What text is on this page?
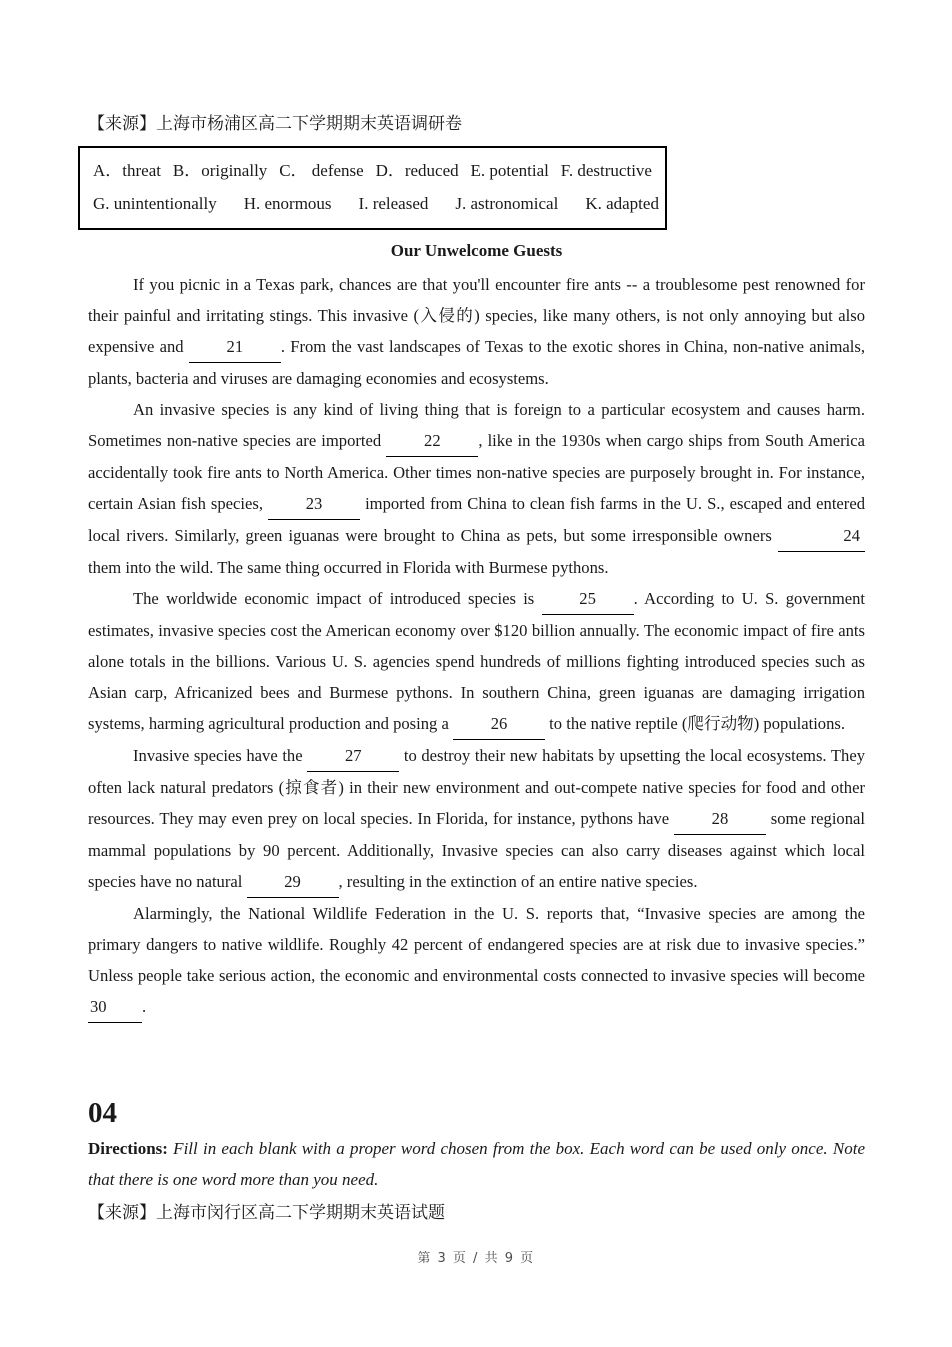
【来源】上海市杨浦区高二下学期期末英语调研卷
A．threat B．originally C． defense D．reduced E. potential F. destructive
G. unintentionally H. enormous I. released J. astronomical K. adapted
Our Unwelcome Guests

If you picnic in a Texas park, chances are that you'll encounter fire ants -- a troublesome pest renowned for their painful and irritating stings. This invasive (入侵的) species, like many others, is not only annoying but also expensive and 21 . From the vast landscapes of Texas to the exotic shores in China, non-native animals, plants, bacteria and viruses are damaging economies and ecosystems.

An invasive species is any kind of living thing that is foreign to a particular ecosystem and causes harm. Sometimes non-native species are imported 22 , like in the 1930s when cargo ships from South America accidentally took fire ants to North America. Other times non-native species are purposely brought in. For instance, certain Asian fish species, 23 imported from China to clean fish farms in the U. S., escaped and entered local rivers. Similarly, green iguanas were brought to China as pets, but some irresponsible owners	24 them into the wild. The same thing occurred in Florida with Burmese pythons.

The worldwide economic impact of introduced species is 25 . According to U. S. government estimates, invasive species cost the American economy over $120 billion annually. The economic impact of fire ants alone totals in the billions. Various U. S. agencies spend hundreds of millions fighting introduced species such as Asian carp, Africanized bees and Burmese pythons. In southern China, green iguanas are damaging irrigation systems, harming agricultural production and posing a 26 to the native reptile (爬行动物) populations.

Invasive species have the 27 to destroy their new habitats by upsetting the local ecosystems. They often lack natural predators (掠食者) in their new environment and out-compete native species for food and other resources. They may even prey on local species. In Florida, for instance, pythons have 28 some regional mammal populations by 90 percent. Additionally, Invasive species can also carry diseases against which local species have no natural 29 , resulting in the extinction of an entire native species.

Alarmingly, the National Wildlife Federation in the U. S. reports that, “Invasive species are among the primary dangers to native wildlife. Roughly 42 percent of endangered species are at risk due to invasive species.” Unless people take serious action, the economic and environmental costs connected to invasive species will become 30 .

04

Directions: Fill in each blank with a proper word chosen from the box. Each word can be used only once. Note that there is one word more than you need.

【来源】上海市闵行区高二下学期期末英语试题
第 3 页 / 共 9 页
